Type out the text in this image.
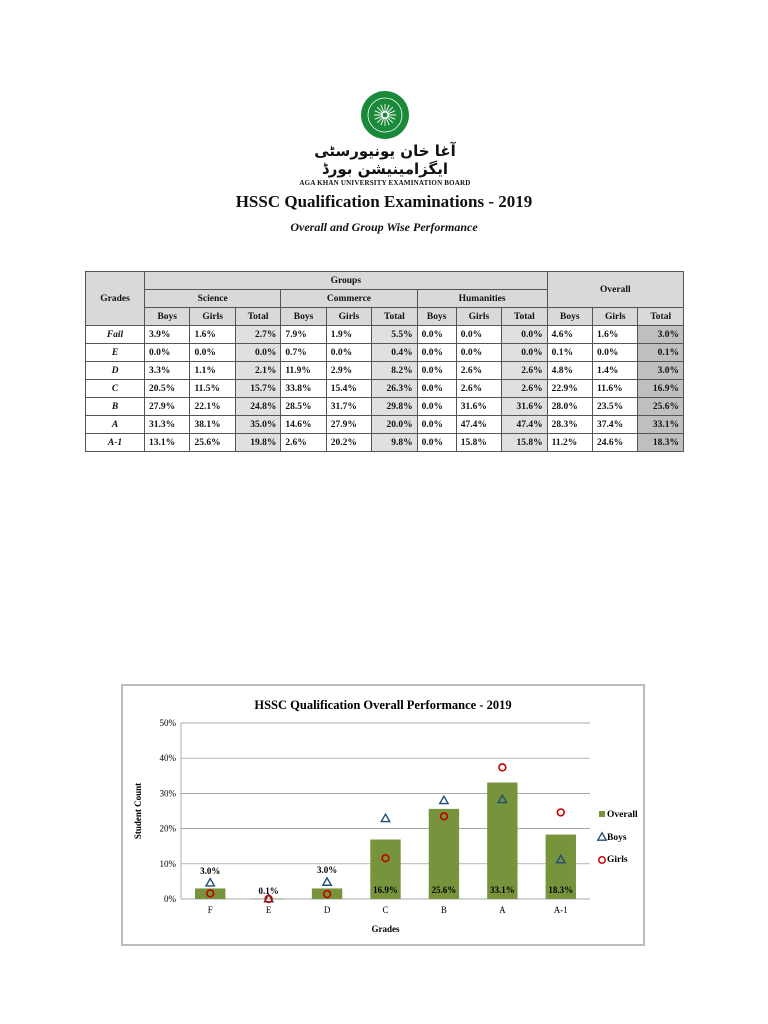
آغا خان یونیورسٹی ایگزامینیشن بورڈ
AGA KHAN UNIVERSITY EXAMINATION BOARD
HSSC Qualification Examinations - 2019
Overall and Group Wise Performance
Grades	Groups									Overall		
	Science			Commerce			Humanities					
	Boys	Girls	Total	Boys	Girls	Total	Boys	Girls	Total	Boys	Girls	Total
Fail	3.9%	1.6%	2.7%	7.9%	1.9%	5.5%	0.0%	0.0%	0.0%	4.6%	1.6%	3.0%
E	0.0%	0.0%	0.0%	0.7%	0.0%	0.4%	0.0%	0.0%	0.0%	0.1%	0.0%	0.1%
D	3.3%	1.1%	2.1%	11.9%	2.9%	8.2%	0.0%	2.6%	2.6%	4.8%	1.4%	3.0%
C	20.5%	11.5%	15.7%	33.8%	15.4%	26.3%	0.0%	2.6%	2.6%	22.9%	11.6%	16.9%
B	27.9%	22.1%	24.8%	28.5%	31.7%	29.8%	0.0%	31.6%	31.6%	28.0%	23.5%	25.6%
A	31.3%	38.1%	35.0%	14.6%	27.9%	20.0%	0.0%	47.4%	47.4%	28.3%	37.4%	33.1%
A-1	13.1%	25.6%	19.8%	2.6%	20.2%	9.8%	0.0%	15.8%	15.8%	11.2%	24.6%	18.3%
HSSC Qualification Overall Performance - 2019
0%
10%
20%
30%
40%
50%
Student Count
F	E	D	C	B	A	A-1
Grades
3.0%
0.1%
3.0%
16.9%	25.6%	33.1%	18.3%
Overall
Boys
Girls
